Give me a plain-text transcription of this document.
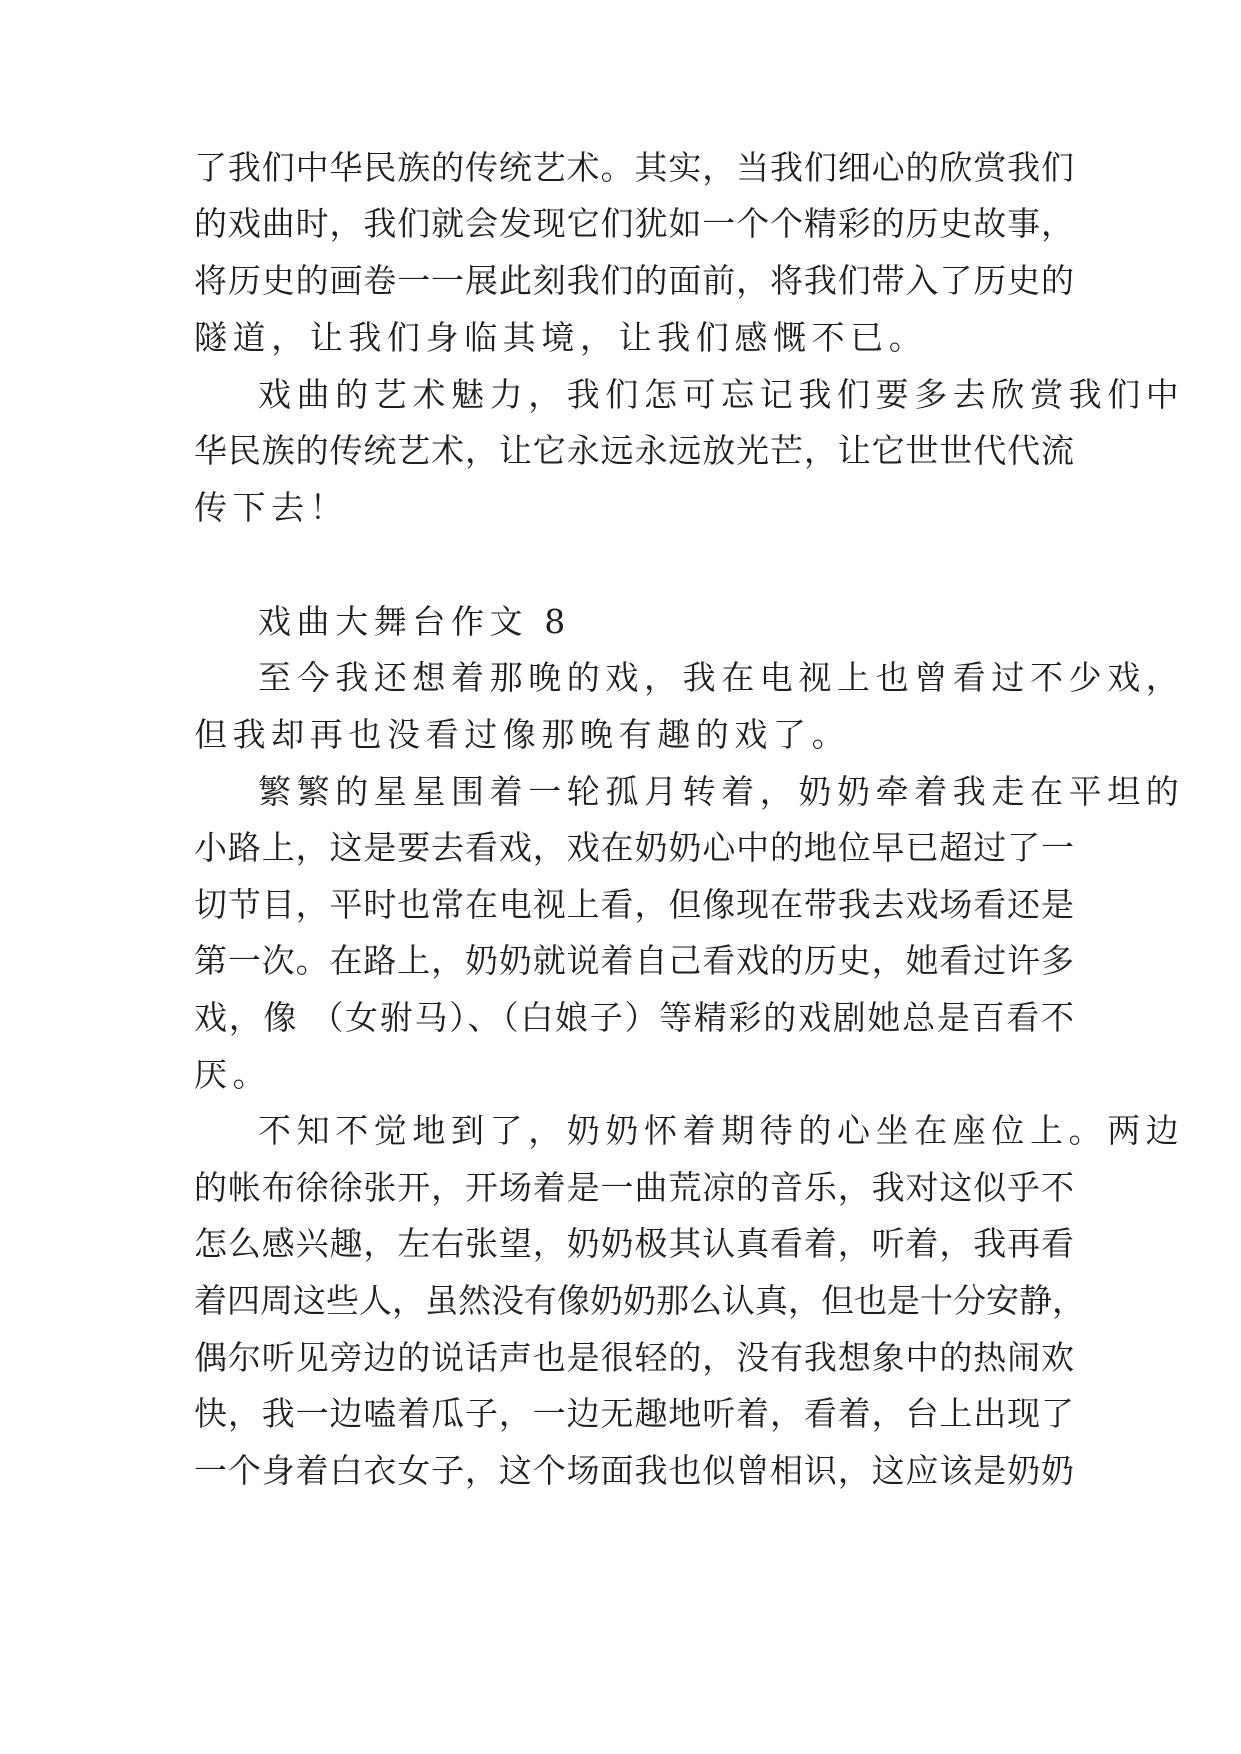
了我们中华民族的传统艺术。其实，当我们细心的欣赏我们
的戏曲时，我们就会发现它们犹如一个个精彩的历史故事，
将历史的画卷一一展此刻我们的面前，将我们带入了历史的
隧道，让我们身临其境，让我们感慨不已。
戏曲的艺术魅力，我们怎可忘记我们要多去欣赏我们中
华民族的传统艺术，让它永远永远放光芒，让它世世代代流
传下去！
戏曲大舞台作文 8
至今我还想着那晚的戏，我在电视上也曾看过不少戏，
但我却再也没看过像那晚有趣的戏了。
繁繁的星星围着一轮孤月转着，奶奶牵着我走在平坦的
小路上，这是要去看戏，戏在奶奶心中的地位早已超过了一
切节目，平时也常在电视上看，但像现在带我去戏场看还是
第一次。在路上，奶奶就说着自己看戏的历史，她看过许多
戏，像 （女驸马）、（白娘子）等精彩的戏剧她总是百看不
厌。
不知不觉地到了，奶奶怀着期待的心坐在座位上。两边
的帐布徐徐张开，开场着是一曲荒凉的音乐，我对这似乎不
怎么感兴趣，左右张望，奶奶极其认真看着，听着，我再看
着四周这些人，虽然没有像奶奶那么认真，但也是十分安静，
偶尔听见旁边的说话声也是很轻的，没有我想象中的热闹欢
快，我一边嗑着瓜子，一边无趣地听着，看着，台上出现了
一个身着白衣女子，这个场面我也似曾相识，这应该是奶奶
